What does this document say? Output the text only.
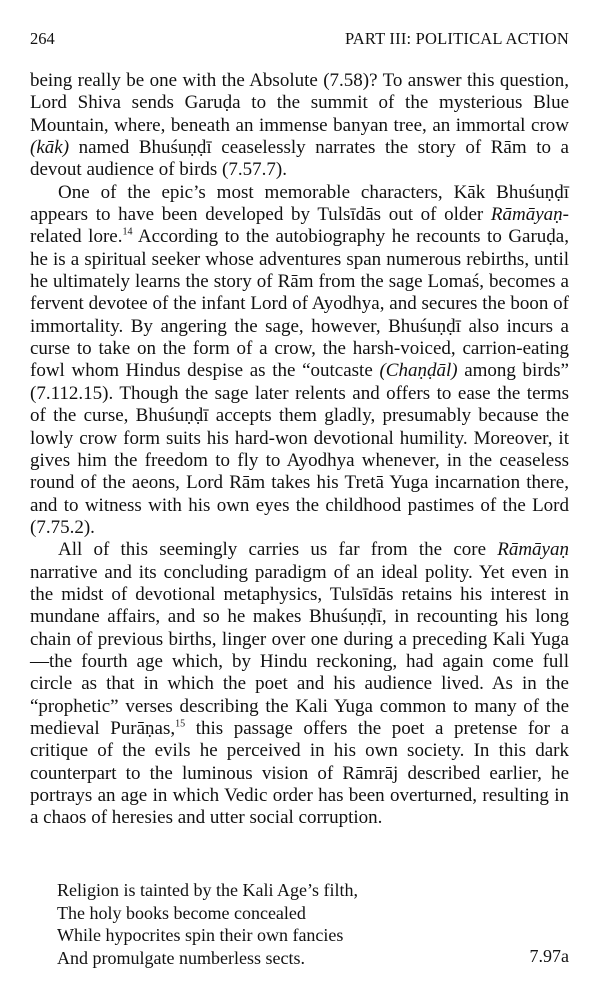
264	PART III: POLITICAL ACTION

being really be one with the Absolute (7.58)? To answer this question, Lord Shiva sends Garuḍa to the summit of the mysterious Blue Mountain, where, beneath an immense banyan tree, an immortal crow (kāk) named Bhuśuṇḍī ceaselessly narrates the story of Rām to a devout audience of birds (7.57.7).

One of the epic’s most memorable characters, Kāk Bhuśuṇḍī appears to have been developed by Tulsīdās out of older Rāmāyaṇ-related lore.$^{14}$ According to the autobiography he recounts to Garuḍa, he is a spiritual seeker whose adventures span numerous rebirths, until he ultimately learns the story of Rām from the sage Lomaś, becomes a fervent devotee of the infant Lord of Ayodhya, and secures the boon of immortality. By angering the sage, however, Bhuśuṇḍī also incurs a curse to take on the form of a crow, the harsh-voiced, carrion-eating fowl whom Hindus despise as the “outcaste (Chaṇḍāl) among birds” (7.112.15). Though the sage later relents and offers to ease the terms of the curse, Bhuśuṇḍī accepts them gladly, presumably because the lowly crow form suits his hard-won devotional humility. Moreover, it gives him the freedom to fly to Ayodhya whenever, in the ceaseless round of the aeons, Lord Rām takes his Tretā Yuga incarnation there, and to witness with his own eyes the childhood pastimes of the Lord (7.75.2).

All of this seemingly carries us far from the core Rāmāyaṇ narrative and its concluding paradigm of an ideal polity. Yet even in the midst of devotional metaphysics, Tulsīdās retains his interest in mundane affairs, and so he makes Bhuśuṇḍī, in recounting his long chain of previous births, linger over one during a preceding Kali Yuga—the fourth age which, by Hindu reckoning, had again come full circle as that in which the poet and his audience lived. As in the “prophetic” verses describing the Kali Yuga common to many of the medieval Purāṇas,$^{15}$ this passage offers the poet a pretense for a critique of the evils he perceived in his own society. In this dark counterpart to the luminous vision of Rāmrāj described earlier, he portrays an age in which Vedic order has been overturned, resulting in a chaos of heresies and utter social corruption.

Religion is tainted by the Kali Age’s filth,
The holy books become concealed
While hypocrites spin their own fancies
And promulgate numberless sects.	7.97a
